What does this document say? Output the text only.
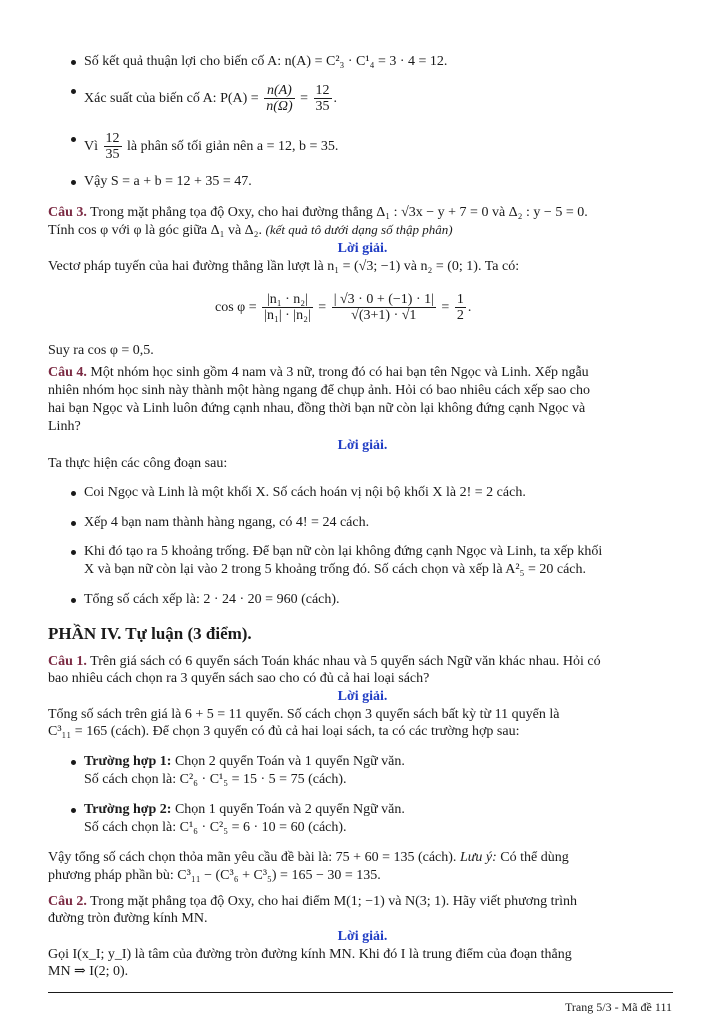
Số kết quả thuận lợi cho biến cố A: n(A) = C²₃ · C¹₄ = 3 · 4 = 12.
Xác suất của biến cố A: $P(A) = \frac{n(A)}{n(\Omega)} = \frac{12}{35}$ .
Vì $\frac{12}{35}$ là phân số tối giản nên a = 12, b = 35.
Vậy S = a + b = 12 + 35 = 47.
Câu 3. Trong mặt phẳng tọa độ Oxy, cho hai đường thẳng Δ₁ : √3x − y + 7 = 0 và Δ₂ : y − 5 = 0.
Tính cos φ với φ là góc giữa Δ₁ và Δ₂. (kết quả tô dưới dạng số thập phân)
Lời giải.
Vectơ pháp tuyến của hai đường thẳng lần lượt là n₁ = (√3; −1) và n₂ = (0; 1). Ta có:
$\cos \varphi = \frac{\text{|n₁ · n₂|}}{\text{|n₁| · |n₂|}} = \frac{| √3 \cdot 0 + (-1) \cdot 1|}{√(3+1) \cdot √1} = \frac{1}{2}$ .
Suy ra cos φ = 0,5.
Câu 4. Một nhóm học sinh gồm 4 nam và 3 nữ, trong đó có hai bạn tên Ngọc và Linh. Xếp ngẫu
nhiên nhóm học sinh này thành một hàng ngang để chụp ảnh. Hỏi có bao nhiêu cách xếp sao cho
hai bạn Ngọc và Linh luôn đứng cạnh nhau, đồng thời bạn nữ còn lại không đứng cạnh Ngọc và
Linh?
Lời giải.
Ta thực hiện các công đoạn sau:
Coi Ngọc và Linh là một khối X. Số cách hoán vị nội bộ khối X là 2! = 2 cách.
Xếp 4 bạn nam thành hàng ngang, có 4! = 24 cách.
Khi đó tạo ra 5 khoảng trống. Để bạn nữ còn lại không đứng cạnh Ngọc và Linh, ta xếp khối
X và bạn nữ còn lại vào 2 trong 5 khoảng trống đó. Số cách chọn và xếp là A²₅ = 20 cách.
Tổng số cách xếp là: 2 · 24 · 20 = 960 (cách).
PHẦN IV. Tự luận (3 điểm).
Câu 1. Trên giá sách có 6 quyển sách Toán khác nhau và 5 quyển sách Ngữ văn khác nhau. Hỏi có
bao nhiêu cách chọn ra 3 quyển sách sao cho có đủ cả hai loại sách?
Lời giải.
Tổng số sách trên giá là 6 + 5 = 11 quyển. Số cách chọn 3 quyển sách bất kỳ từ 11 quyển là
C³₁₁ = 165 (cách). Để chọn 3 quyển có đủ cả hai loại sách, ta có các trường hợp sau:
Trường hợp 1: Chọn 2 quyển Toán và 1 quyển Ngữ văn.
Số cách chọn là: C²₆ · C¹₅ = 15 · 5 = 75 (cách).
Trường hợp 2: Chọn 1 quyển Toán và 2 quyển Ngữ văn.
Số cách chọn là: C¹₆ · C²₅ = 6 · 10 = 60 (cách).
Vậy tổng số cách chọn thỏa mãn yêu cầu đề bài là: 75 + 60 = 135 (cách). Lưu ý: Có thể dùng
phương pháp phần bù: C³₁₁ − (C³₆ + C³₅) = 165 − 30 = 135.
Câu 2. Trong mặt phẳng tọa độ Oxy, cho hai điểm M(1; −1) và N(3; 1). Hãy viết phương trình
đường tròn đường kính MN.
Lời giải.
Gọi I(x_I; y_I) là tâm của đường tròn đường kính MN. Khi đó I là trung điểm của đoạn thẳng
MN ⇒ I(2; 0).
Trang 5/3 - Mã đề 111
